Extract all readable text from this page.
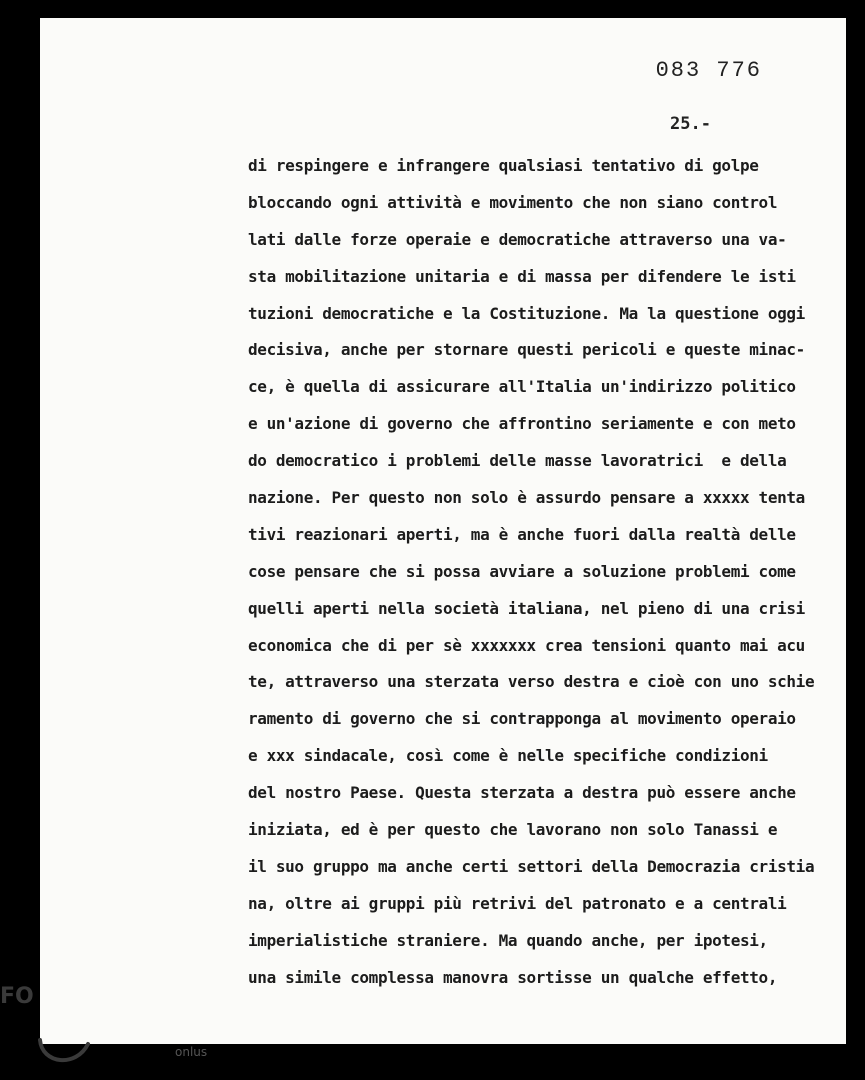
083 776
25.-
di respingere e infrangere qualsiasi tentativo di golpe
bloccando ogni attività e movimento che non siano control
lati dalle forze operaie e democratiche attraverso una va-
sta mobilitazione unitaria e di massa per difendere le isti
tuzioni democratiche e la Costituzione. Ma la questione oggi
decisiva, anche per stornare questi pericoli e queste minac-
ce, è quella di assicurare all'Italia un'indirizzo politico
e un'azione di governo che affrontino seriamente e con meto
do democratico i problemi delle masse lavoratrici  e della
nazione. Per questo non solo è assurdo pensare a xxxxx tenta
tivi reazionari aperti, ma è anche fuori dalla realtà delle
cose pensare che si possa avviare a soluzione problemi come
quelli aperti nella società italiana, nel pieno di una crisi
economica che di per sè xxxxxxx crea tensioni quanto mai acu
te, attraverso una sterzata verso destra e cioè con uno schie
ramento di governo che si contrapponga al movimento operaio
e xxx sindacale, così come è nelle specifiche condizioni
del nostro Paese. Questa sterzata a destra può essere anche
iniziata, ed è per questo che lavorano non solo Tanassi e
il suo gruppo ma anche certi settori della Democrazia cristia
na, oltre ai gruppi più retrivi del patronato e a centrali
imperialistiche straniere. Ma quando anche, per ipotesi,
una simile complessa manovra sortisse un qualche effetto,
FO
onlus
